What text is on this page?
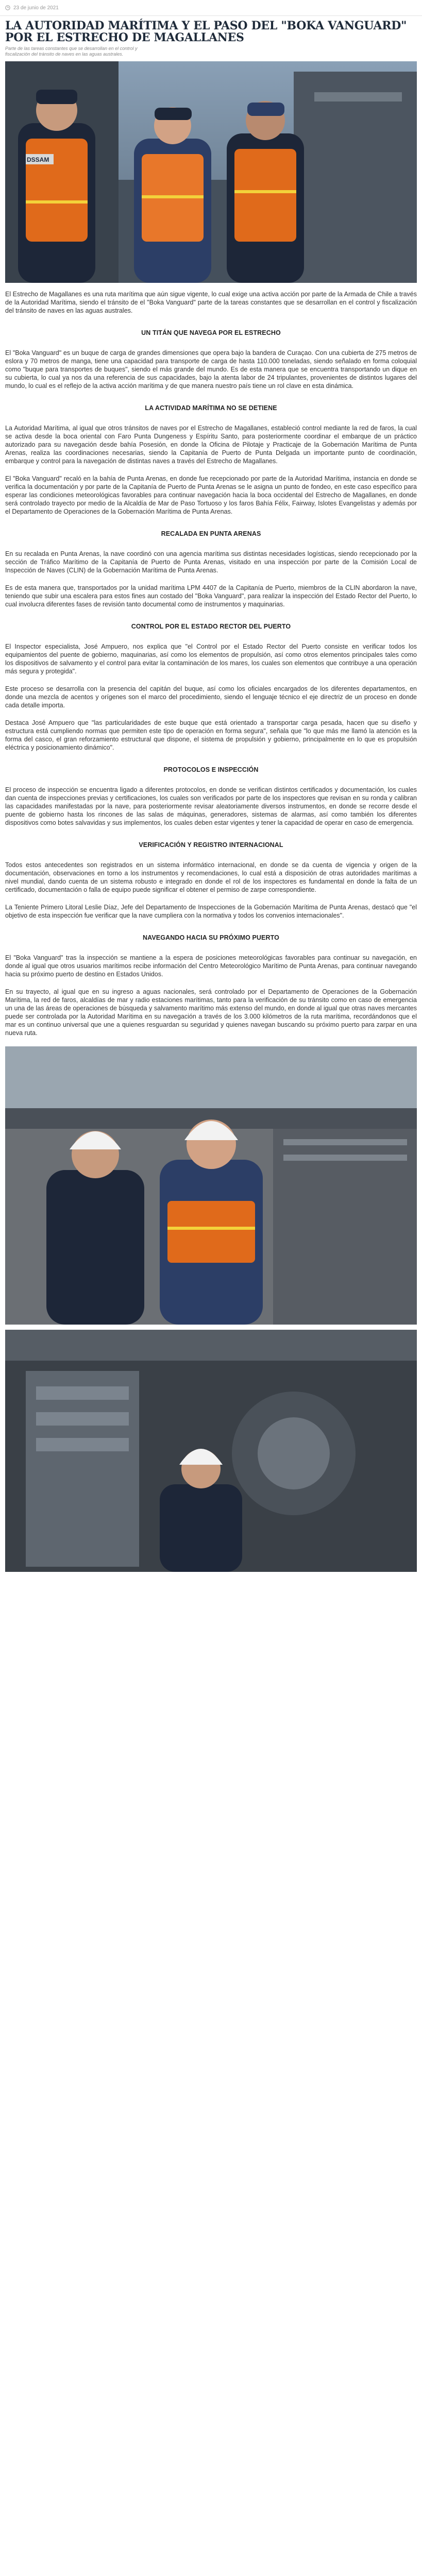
23 de junio de 2021
LA AUTORIDAD MARÍTIMA Y EL PASO DEL "BOKA VANGUARD" POR EL ESTRECHO DE MAGALLANES
Parte de las tareas constantes que se desarrollan en el control y fiscalización del tránsito de naves en las aguas australes.
DSSAM

El Estrecho de Magallanes es una ruta marítima que aún sigue vigente, lo cual exige una activa acción por parte de la Armada de Chile a través de la Autoridad Marítima, siendo el tránsito de el "Boka Vanguard" parte de la tareas constantes que se desarrollan en el control y fiscalización del tránsito de naves en las aguas australes.

UN TITÁN QUE NAVEGA POR EL ESTRECHO

El "Boka Vanguard" es un buque de carga de grandes dimensiones que opera bajo la bandera de Curaçao. Con una cubierta de 275 metros de eslora y 70 metros de manga, tiene una capacidad para transporte de carga de hasta 110.000 toneladas, siendo señalado en forma coloquial como "buque para transportes de buques", siendo el más grande del mundo. Es de esta manera que se encuentra transportando un dique en su cubierta, lo cual ya nos da una referencia de sus capacidades, bajo la atenta labor de 24 tripulantes, provenientes de distintos lugares del mundo, lo cual es el reflejo de la activa acción marítima y de que manera nuestro país tiene un rol clave en esta dinámica.

LA ACTIVIDAD MARÍTIMA NO SE DETIENE

La Autoridad Marítima, al igual que otros tránsitos de naves por el Estrecho de Magallanes, estableció control mediante la red de faros, la cual se activa desde la boca oriental con Faro Punta Dungeness y Espíritu Santo, para posteriormente coordinar el embarque de un práctico autorizado para su navegación desde bahía Posesión, en donde la Oficina de Pilotaje y Practicaje de la Gobernación Marítima de Punta Arenas, realiza las coordinaciones necesarias, siendo la Capitanía de Puerto de Punta Delgada un importante punto de coordinación, embarque y control para la navegación de distintas naves a través del Estrecho de Magallanes.

El "Boka Vanguard" recaló en la bahía de Punta Arenas, en donde fue recepcionado por parte de la Autoridad Marítima, instancia en donde se verifica la documentación y por parte de la Capitanía de Puerto de Punta Arenas se le asigna un punto de fondeo, en este caso específico para esperar las condiciones meteorológicas favorables para continuar navegación hacia la boca occidental del Estrecho de Magallanes, en donde será controlado trayecto por medio de la Alcaldía de Mar de Paso Tortuoso y los faros Bahía Félix, Fairway, Islotes Evangelistas y además por el Departamento de Operaciones de la Gobernación Marítima de Punta Arenas.

RECALADA EN PUNTA ARENAS

En su recalada en Punta Arenas, la nave coordinó con una agencia marítima sus distintas necesidades logísticas, siendo recepcionado por la sección de Tráfico Marítimo de la Capitanía de Puerto de Punta Arenas, visitado en una inspección por parte de la Comisión Local de Inspección de Naves (CLIN) de la Gobernación Marítima de Punta Arenas.

Es de esta manera que, transportados por la unidad marítima LPM 4407 de la Capitanía de Puerto, miembros de la CLIN abordaron la nave, teniendo que subir una escalera para estos fines aun costado del "Boka Vanguard", para realizar la inspección del Estado Rector del Puerto, lo cual involucra diferentes fases de revisión tanto documental como de instrumentos y maquinarias.

CONTROL POR EL ESTADO RECTOR DEL PUERTO

El Inspector especialista, José Ampuero, nos explica que "el Control por el Estado Rector del Puerto consiste en verificar todos los equipamientos del puente de gobierno, maquinarias, así como los elementos de propulsión, así como otros elementos principales tales como los dispositivos de salvamento y el control para evitar la contaminación de los mares, los cuales son elementos que contribuye a una operación más segura y protegida".

Este proceso se desarrolla con la presencia del capitán del buque, así como los oficiales encargados de los diferentes departamentos, en donde una mezcla de acentos y orígenes son el marco del procedimiento, siendo el lenguaje técnico el eje directriz de un proceso en donde cada detalle importa.

Destaca José Ampuero que "las particularidades de este buque que está orientado a transportar carga pesada, hacen que su diseño y estructura está cumpliendo normas que permiten este tipo de operación en forma segura", señala que "lo que más me llamó la atención es la forma del casco, el gran reforzamiento estructural que dispone, el sistema de propulsión y gobierno, principalmente en lo que es propulsión eléctrica y posicionamiento dinámico".

PROTOCOLOS E INSPECCIÓN

El proceso de inspección se encuentra ligado a diferentes protocolos, en donde se verifican distintos certificados y documentación, los cuales dan cuenta de inspecciones previas y certificaciones, los cuales son verificados por parte de los inspectores que revisan en su ronda y calibran las capacidades manifestadas por la nave, para posteriormente revisar aleatoriamente diversos instrumentos, en donde se recorre desde el puente de gobierno hasta los rincones de las salas de máquinas, generadores, sistemas de alarmas, así como también los diferentes dispositivos como botes salvavidas y sus implementos, los cuales deben estar vigentes y tener la capacidad de operar en caso de emergencia.

VERIFICACIÓN Y REGISTRO INTERNACIONAL

Todos estos antecedentes son registrados en un sistema informático internacional, en donde se da cuenta de vigencia y origen de la documentación, observaciones en torno a los instrumentos y recomendaciones, lo cual está a disposición de otras autoridades marítimas a nivel mundial, dando cuenta de un sistema robusto e integrado en donde el rol de los inspectores es fundamental en donde la falta de un certificado, documentación o falla de equipo puede significar el obtener el permiso de zarpe correspondiente.

La Teniente Primero Litoral Leslie Díaz, Jefe del Departamento de Inspecciones de la Gobernación Marítima de Punta Arenas, destacó que "el objetivo de esta inspección fue verificar que la nave cumpliera con la normativa y todos los convenios internacionales".

NAVEGANDO HACIA SU PRÓXIMO PUERTO

El "Boka Vanguard" tras la inspección se mantiene a la espera de posiciones meteorológicas favorables para continuar su navegación, en donde al igual que otros usuarios marítimos recibe información del Centro Meteorológico Marítimo de Punta Arenas, para continuar navegando hacia su próximo puerto de destino en Estados Unidos.

En su trayecto, al igual que en su ingreso a aguas nacionales, será controlado por el Departamento de Operaciones de la Gobernación Marítima, la red de faros, alcaldías de mar y radio estaciones marítimas, tanto para la verificación de su tránsito como en caso de emergencia un una de las áreas de operaciones de búsqueda y salvamento marítimo más extenso del mundo, en donde al igual que otras naves mercantes puede ser controlada por la Autoridad Marítima en su navegación a través de los 3.000 kilómetros de la ruta marítima, recordándonos que el mar es un continuo universal que une a quienes resguardan su seguridad y quienes navegan buscando su próximo puerto para zarpar en una nueva ruta.
